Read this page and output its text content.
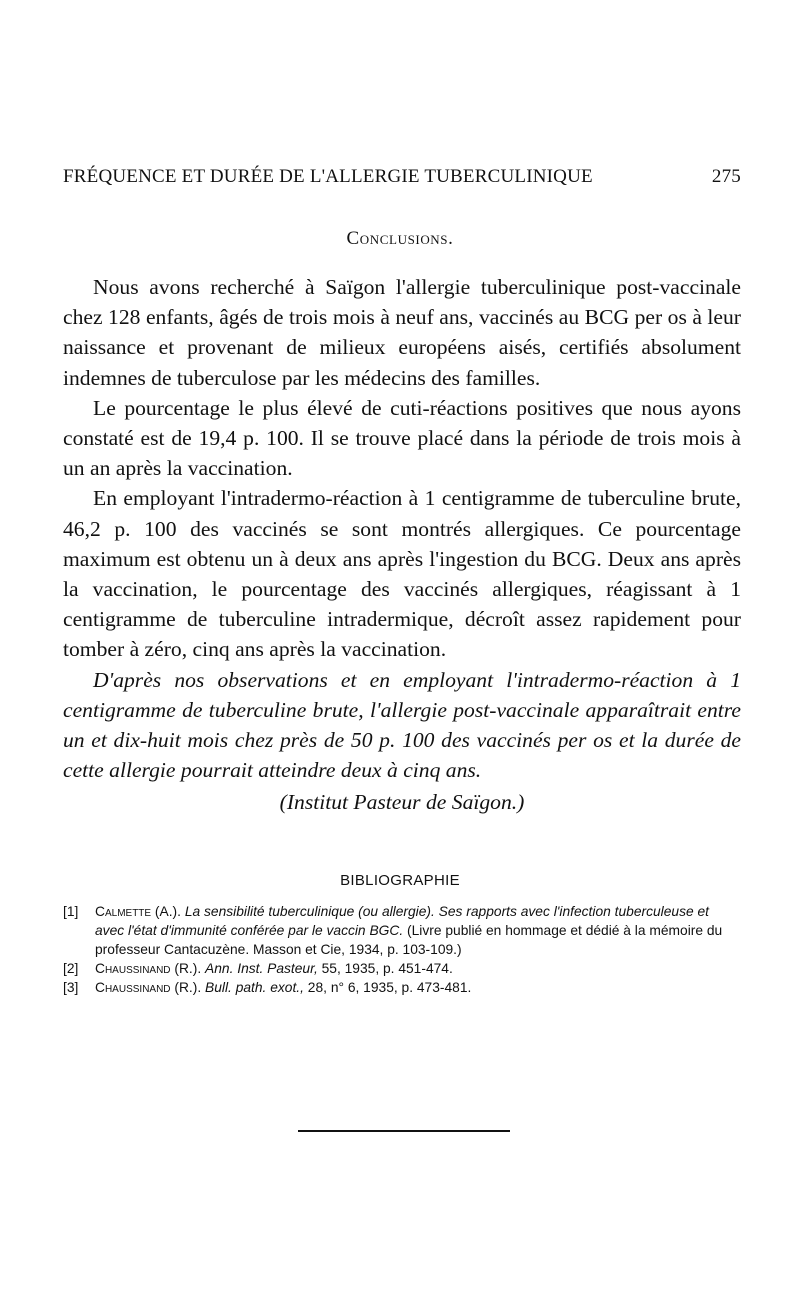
FRÉQUENCE ET DURÉE DE L'ALLERGIE TUBERCULINIQUE	275
Conclusions.

Nous avons recherché à Saïgon l'allergie tuberculinique post-vaccinale chez 128 enfants, âgés de trois mois à neuf ans, vaccinés au BCG per os à leur naissance et provenant de milieux européens aisés, certifiés absolument indemnes de tuberculose par les médecins des familles.

Le pourcentage le plus élevé de cuti-réactions positives que nous ayons constaté est de 19,4 p. 100. Il se trouve placé dans la période de trois mois à un an après la vaccination.

En employant l'intradermo-réaction à 1 centigramme de tuberculine brute, 46,2 p. 100 des vaccinés se sont montrés allergiques. Ce pourcentage maximum est obtenu un à deux ans après l'ingestion du BCG. Deux ans après la vaccination, le pourcentage des vaccinés allergiques, réagissant à 1 centigramme de tuberculine intradermique, décroît assez rapidement pour tomber à zéro, cinq ans après la vaccination.

D'après nos observations et en employant l'intradermo-réaction à 1 centigramme de tuberculine brute, l'allergie post-vaccinale apparaîtrait entre un et dix-huit mois chez près de 50 p. 100 des vaccinés per os et la durée de cette allergie pourrait atteindre deux à cinq ans.

(Institut Pasteur de Saïgon.)

BIBLIOGRAPHIE

[1] Calmette (A.). La sensibilité tuberculinique (ou allergie). Ses rapports avec l'infection tuberculeuse et avec l'état d'immunité conférée par le vaccin BGC. (Livre publié en hommage et dédié à la mémoire du professeur Cantacuzène. Masson et Cie, 1934, p. 103-109.)

[2] Chaussinand (R.). Ann. Inst. Pasteur, 55, 1935, p. 451-474.

[3] Chaussinand (R.). Bull. path. exot., 28, n° 6, 1935, p. 473-481.
